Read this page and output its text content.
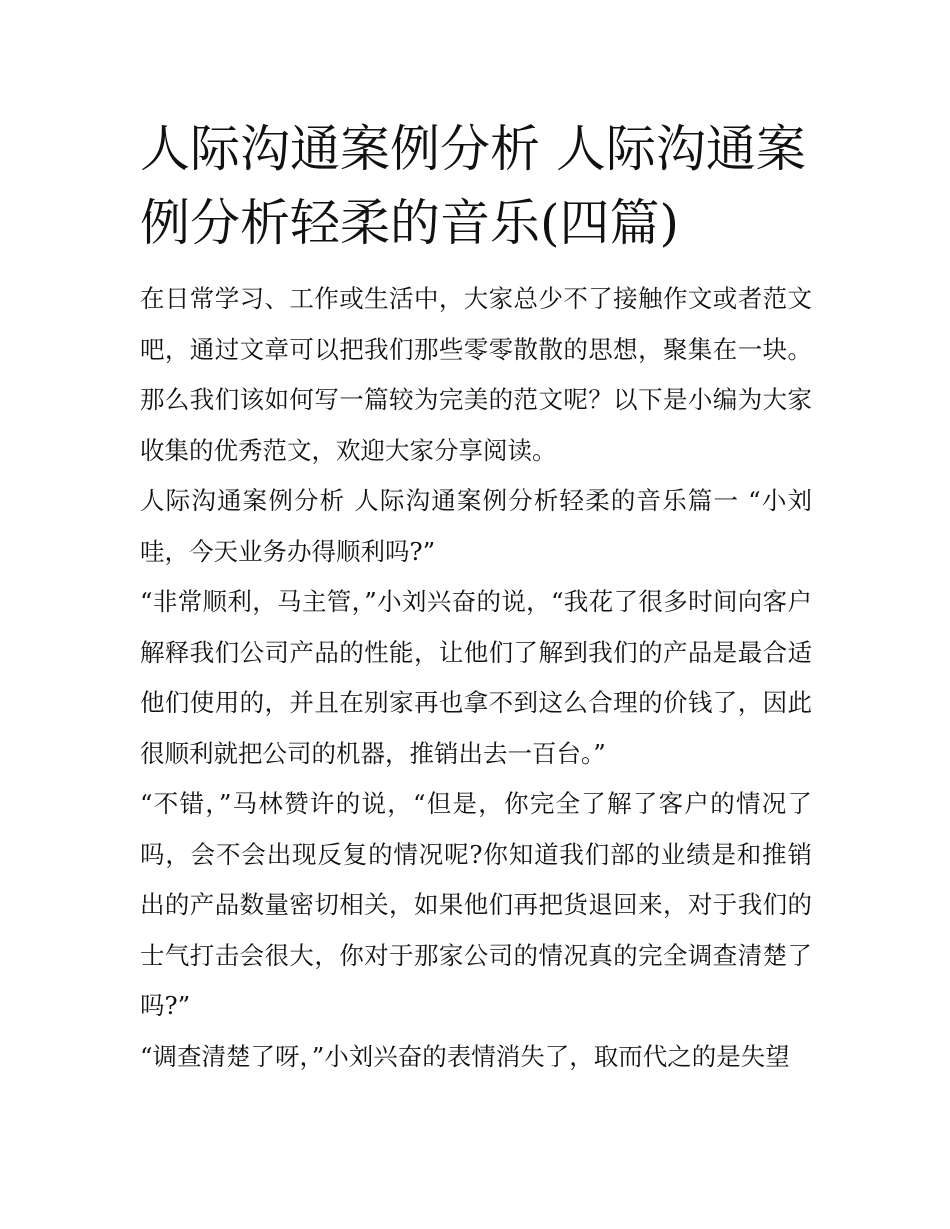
人际沟通案例分析 人际沟通案例分析轻柔的音乐(四篇)

在日常学习、工作或生活中，大家总少不了接触作文或者范文吧，通过文章可以把我们那些零零散散的思想，聚集在一块。那么我们该如何写一篇较为完美的范文呢？以下是小编为大家收集的优秀范文，欢迎大家分享阅读。

人际沟通案例分析 人际沟通案例分析轻柔的音乐篇一 “小刘哇，今天业务办得顺利吗?”

“非常顺利，马主管，”小刘兴奋的说，“我花了很多时间向客户解释我们公司产品的性能，让他们了解到我们的产品是最合适他们使用的，并且在别家再也拿不到这么合理的价钱了，因此很顺利就把公司的机器，推销出去一百台。”

“不错，”马林赞许的说，“但是，你完全了解了客户的情况了吗，会不会出现反复的情况呢?你知道我们部的业绩是和推销出的产品数量密切相关，如果他们再把货退回来，对于我们的士气打击会很大，你对于那家公司的情况真的完全调查清楚了吗?”

“调查清楚了呀，”小刘兴奋的表情消失了，取而代之的是失望
